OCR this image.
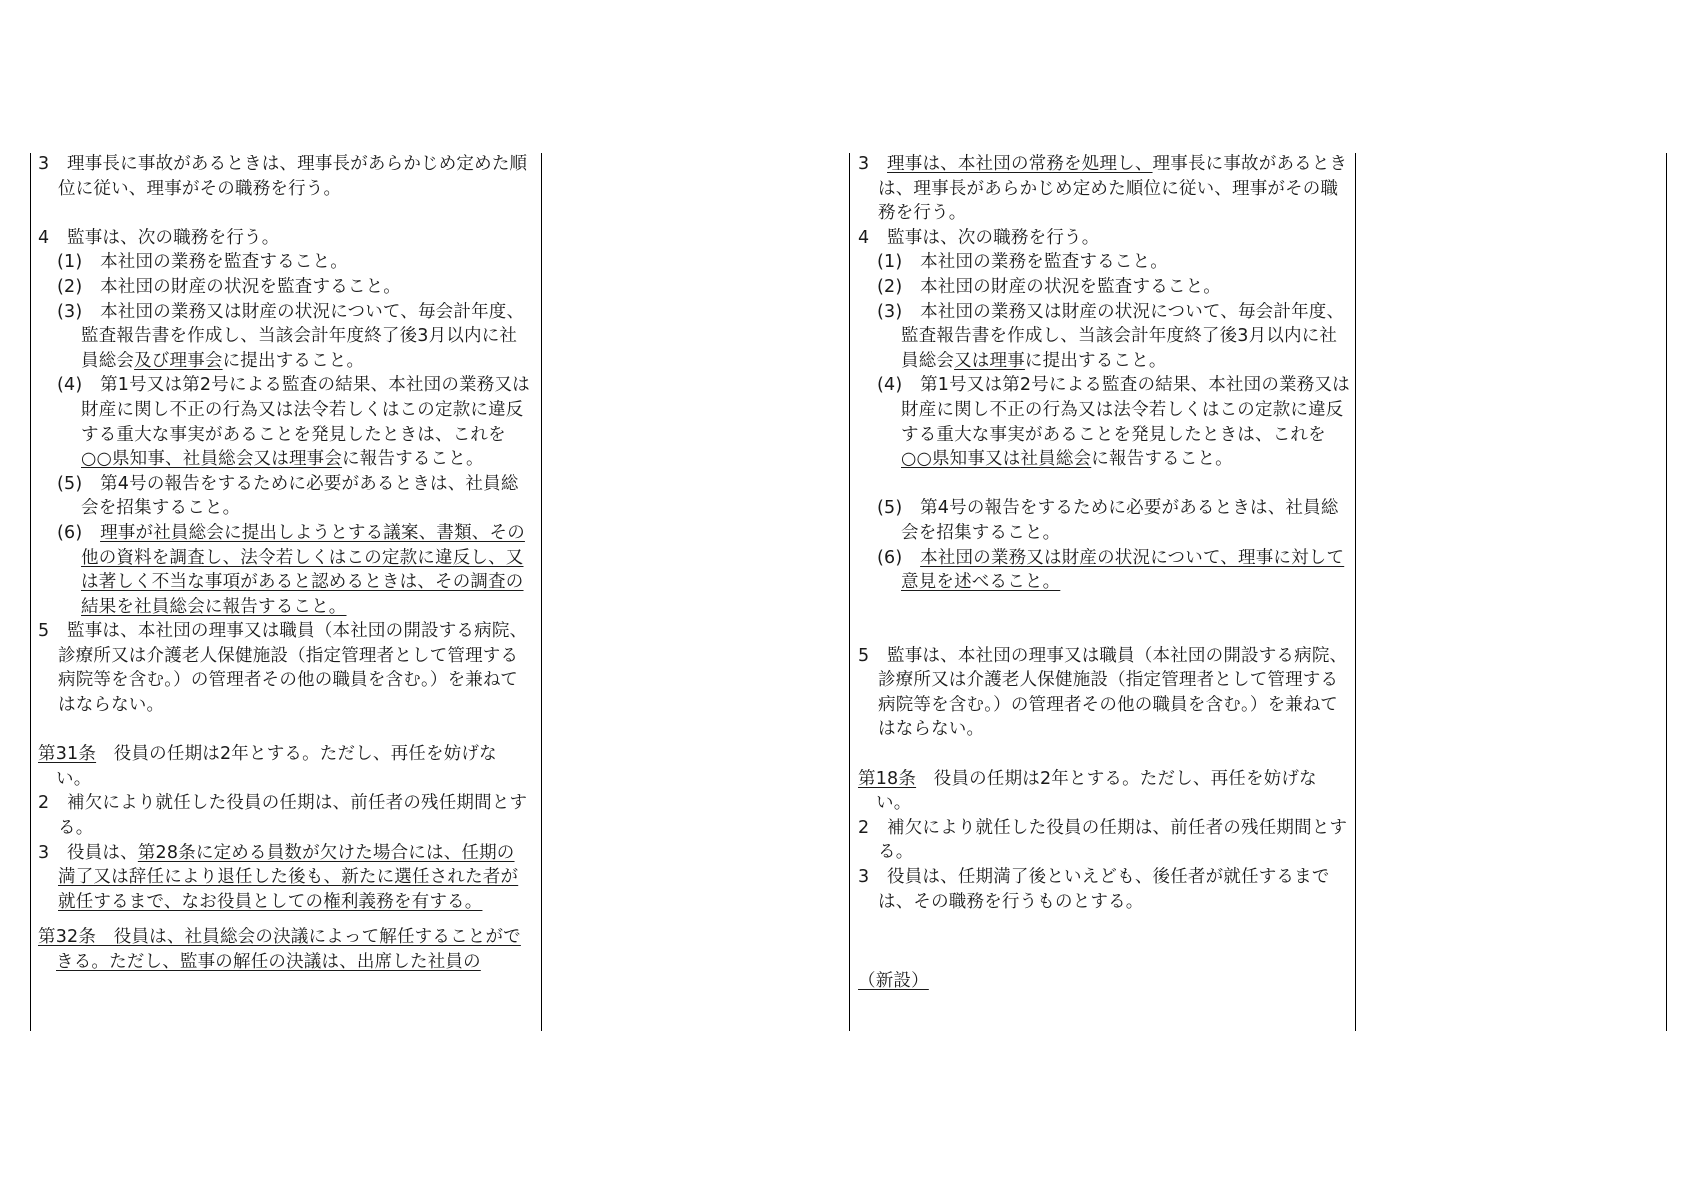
3　理事長に事故があるときは、理事長があらかじめ定めた順位に従い、理事がその職務を行う。

4　監事は、次の職務を行う。

(1)　本社団の業務を監査すること。

(2)　本社団の財産の状況を監査すること。

(3)　本社団の業務又は財産の状況について、毎会計年度、監査報告書を作成し、当該会計年度終了後3月以内に社員総会及び理事会に提出すること。

(4)　第1号又は第2号による監査の結果、本社団の業務又は財産に関し不正の行為又は法令若しくはこの定款に違反する重大な事実があることを発見したときは、これを○○県知事、社員総会又は理事会に報告すること。

(5)　第4号の報告をするために必要があるときは、社員総会を招集すること。

(6)　理事が社員総会に提出しようとする議案、書類、その他の資料を調査し、法令若しくはこの定款に違反し、又は著しく不当な事項があると認めるときは、その調査の結果を社員総会に報告すること。

5　監事は、本社団の理事又は職員（本社団の開設する病院、診療所又は介護老人保健施設（指定管理者として管理する病院等を含む。）の管理者その他の職員を含む。）を兼ねてはならない。

第31条　役員の任期は2年とする。ただし、再任を妨げない。

2　補欠により就任した役員の任期は、前任者の残任期間とする。

3　役員は、第28条に定める員数が欠けた場合には、任期の満了又は辞任により退任した後も、新たに選任された者が就任するまで、なお役員としての権利義務を有する。

第32条　役員は、社員総会の決議によって解任することができる。ただし、監事の解任の決議は、出席した社員の

3　理事は、本社団の常務を処理し、理事長に事故があるときは、理事長があらかじめ定めた順位に従い、理事がその職務を行う。

4　監事は、次の職務を行う。

(1)　本社団の業務を監査すること。

(2)　本社団の財産の状況を監査すること。

(3)　本社団の業務又は財産の状況について、毎会計年度、監査報告書を作成し、当該会計年度終了後3月以内に社員総会又は理事に提出すること。

(4)　第1号又は第2号による監査の結果、本社団の業務又は財産に関し不正の行為又は法令若しくはこの定款に違反する重大な事実があることを発見したときは、これを○○県知事又は社員総会に報告すること。

(5)　第4号の報告をするために必要があるときは、社員総会を招集すること。

(6)　本社団の業務又は財産の状況について、理事に対して意見を述べること。

5　監事は、本社団の理事又は職員（本社団の開設する病院、診療所又は介護老人保健施設（指定管理者として管理する病院等を含む。）の管理者その他の職員を含む。）を兼ねてはならない。

第18条　役員の任期は2年とする。ただし、再任を妨げない。

2　補欠により就任した役員の任期は、前任者の残任期間とする。

3　役員は、任期満了後といえども、後任者が就任するまでは、その職務を行うものとする。

（新設）
